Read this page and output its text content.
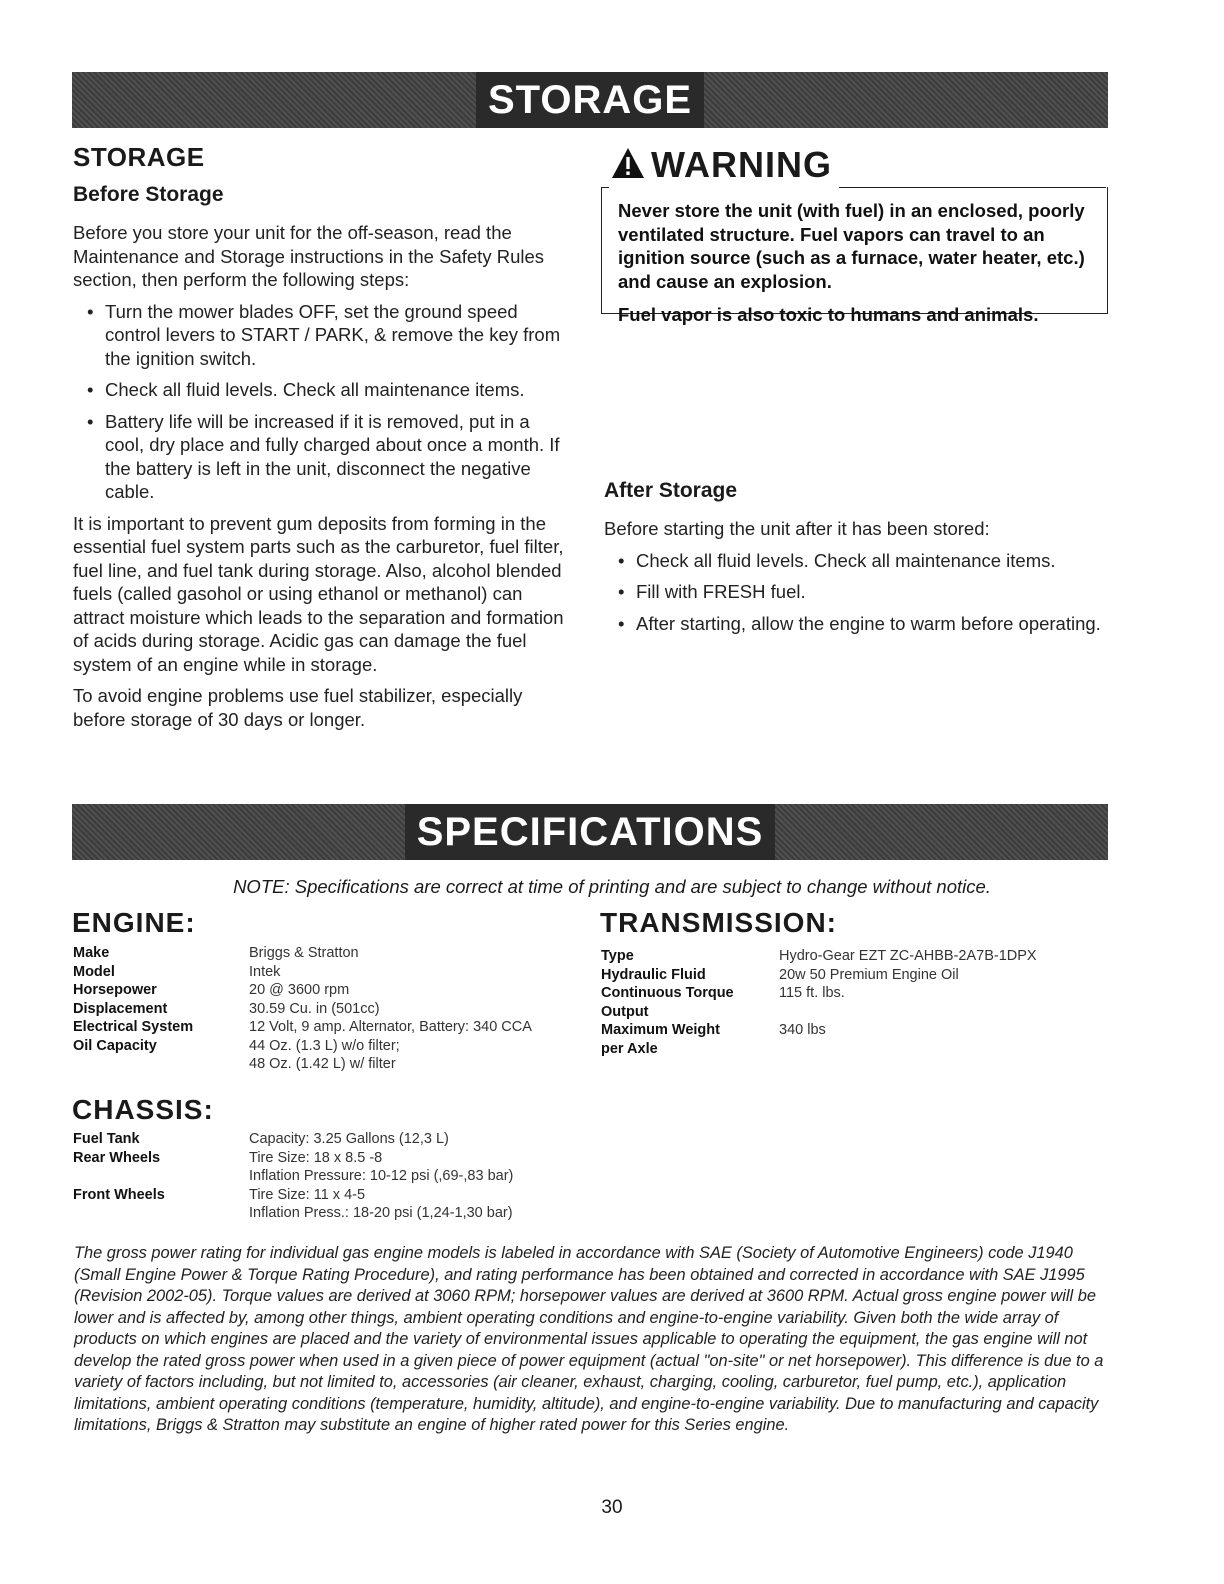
STORAGE
STORAGE
Before Storage

Before you store your unit for the off-season, read the Maintenance and Storage instructions in the Safety Rules section, then perform the following steps:

• Turn the mower blades OFF, set the ground speed control levers to START / PARK, & remove the key from the ignition switch.
• Check all fluid levels. Check all maintenance items.
• Battery life will be increased if it is removed, put in a cool, dry place and fully charged about once a month. If the battery is left in the unit, disconnect the negative cable.

It is important to prevent gum deposits from forming in the essential fuel system parts such as the carburetor, fuel filter, fuel line, and fuel tank during storage. Also, alcohol blended fuels (called gasohol or using ethanol or methanol) can attract moisture which leads to the separation and formation of acids during storage. Acidic gas can damage the fuel system of an engine while in storage.

To avoid engine problems use fuel stabilizer, especially before storage of 30 days or longer.

WARNING
Never store the unit (with fuel) in an enclosed, poorly ventilated structure. Fuel vapors can travel to an ignition source (such as a furnace, water heater, etc.) and cause an explosion.
Fuel vapor is also toxic to humans and animals.
After Storage

Before starting the unit after it has been stored:

• Check all fluid levels. Check all maintenance items.
• Fill with FRESH fuel.
• After starting, allow the engine to warm before operating.
SPECIFICATIONS
NOTE: Specifications are correct at time of printing and are subject to change without notice.
ENGINE:
Make	Briggs & Stratton
Model	Intek
Horsepower	20 @ 3600 rpm
Displacement	30.59 Cu. in (501cc)
Electrical System	12 Volt, 9 amp. Alternator, Battery: 340 CCA
Oil Capacity	44 Oz. (1.3 L) w/o filter;
48 Oz. (1.42 L) w/ filter
TRANSMISSION:
Type	Hydro-Gear EZT ZC-AHBB-2A7B-1DPX
Hydraulic Fluid	20w 50 Premium Engine Oil
Continuous Torque	115 ft. lbs.
Output
Maximum Weight	340 lbs
per Axle
CHASSIS:
Fuel Tank	Capacity: 3.25 Gallons (12,3 L)
Rear Wheels	Tire Size: 18 x 8.5 -8
Inflation Pressure: 10-12 psi (,69-,83 bar)
Front Wheels	Tire Size: 11 x 4-5
Inflation Press.: 18-20 psi (1,24-1,30 bar)

The gross power rating for individual gas engine models is labeled in accordance with SAE (Society of Automotive Engineers) code J1940 (Small Engine Power & Torque Rating Procedure), and rating performance has been obtained and corrected in accordance with SAE J1995 (Revision 2002-05). Torque values are derived at 3060 RPM; horsepower values are derived at 3600 RPM. Actual gross engine power will be lower and is affected by, among other things, ambient operating conditions and engine-to-engine variability. Given both the wide array of products on which engines are placed and the variety of environmental issues applicable to operating the equipment, the gas engine will not develop the rated gross power when used in a given piece of power equipment (actual "on-site" or net horsepower). This difference is due to a variety of factors including, but not limited to, accessories (air cleaner, exhaust, charging, cooling, carburetor, fuel pump, etc.), application limitations, ambient operating conditions (temperature, humidity, altitude), and engine-to-engine variability. Due to manufacturing and capacity limitations, Briggs & Stratton may substitute an engine of higher rated power for this Series engine.

30
